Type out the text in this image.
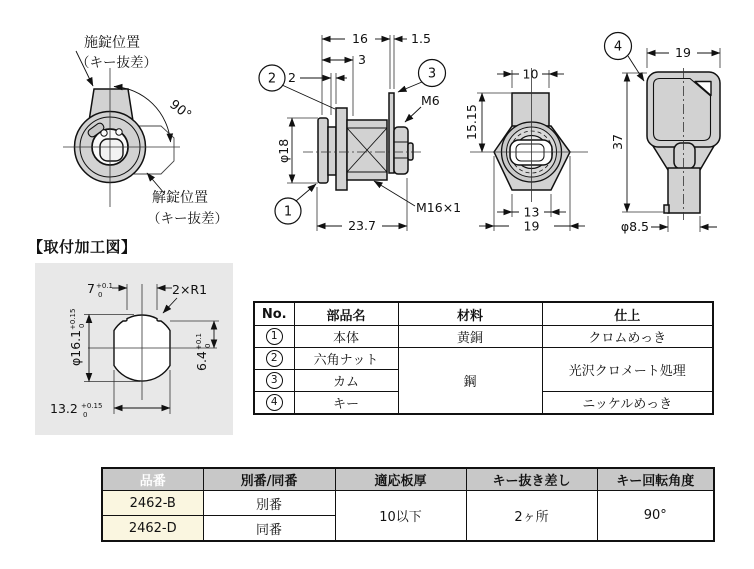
90°
施錠位置
（キー抜差）
解錠位置
（キー抜差）
16	1.5
3
2
φ18
M6
M16×1
23.7
2	3
1
10
15.15
13
19
19
37
φ8.5
4
【取付加工図】
7 +0.1
0	2×R1
φ16.1
+0.15 0
6.4
+0.1 0
13.2 +0.15
0
No.	部品名	材料	仕上
1	本体	黄銅	クロムめっき
2	六角ナット	鋼	光沢クロメート処理
3	カム		
4	キー		ニッケルめっき
品番	別番/同番	適応板厚	キー抜き差し	キー回転角度
2462-B	別番	10以下	2ヶ所	90°
2462-D	同番			
